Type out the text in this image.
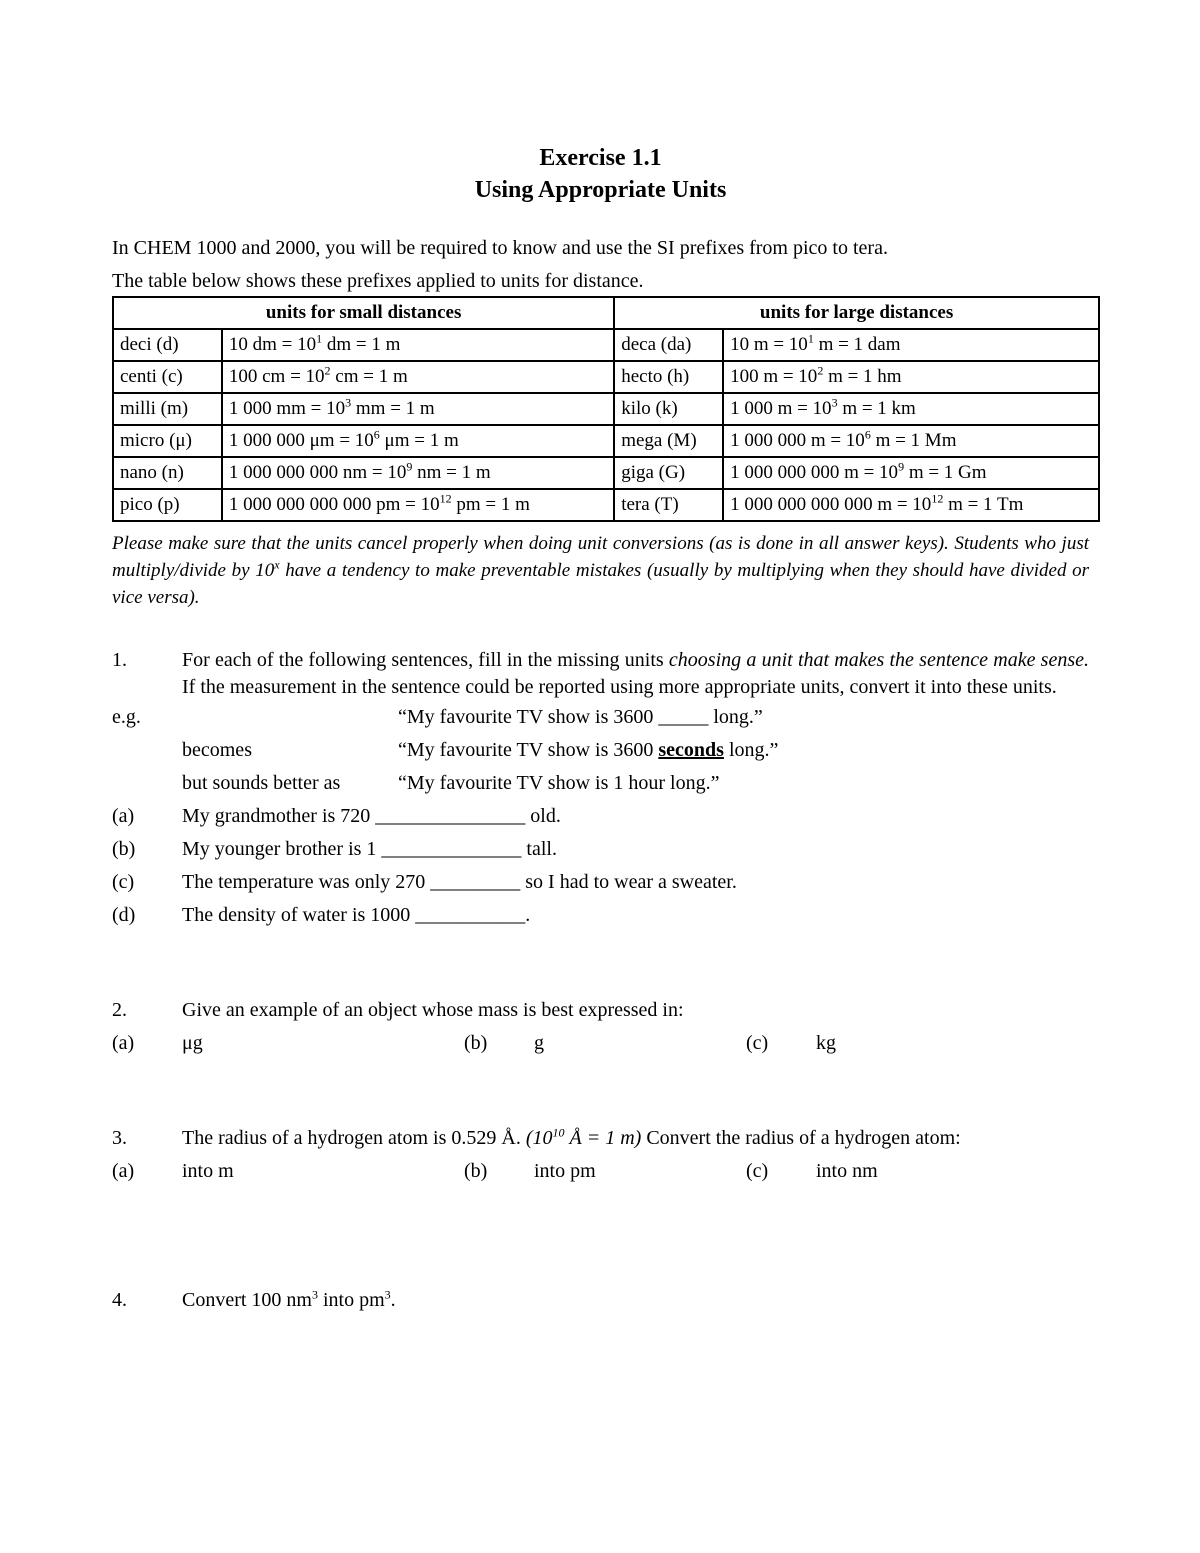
Exercise 1.1
Using Appropriate Units
In CHEM 1000 and 2000, you will be required to know and use the SI prefixes from pico to tera.
The table below shows these prefixes applied to units for distance.
units for small distances		units for large distances	
deci (d)	10 dm = $10^1$ dm = 1 m	deca (da)	10 $m = 10^1$ m = 1 dam
centi (c)	100 cm = $10^2$ cm = 1 m	hecto (h)	100 $m = 10^2$ m = 1 hm
milli (m)	1 000 mm = $10^3$ mm = 1 m	kilo (k)	1 000 $m = 10^3$ m = 1 km
micro (μ)	1 000 000 $\mu m = 10^6$ μm = 1 m	mega (M)	1 000 000 $m = 10^6$ m = 1 Mm
nano (n)	1 000 000 000 nm = $10^9$ nm = 1 m	giga (G)	1 000 000 000 $m = 10^9$ m = 1 Gm
pico (p)	1 000 000 000 000 pm = $10^{12}$ pm = 1 m	tera (T)	1 000 000 000 000 $m = 10^{12}$ m = 1 Tm
Please make sure that the units cancel properly when doing unit conversions (as is done in all answer keys). Students who just multiply/divide by 10$^x$ have a tendency to make preventable mistakes (usually by multiplying when they should have divided or vice versa).
1.	For each of the following sentences, fill in the missing units choosing a unit that makes the sentence make sense. If the measurement in the sentence could be reported using more appropriate units, convert it into these units.
e.g.	“My favourite TV show is 3600 _____ long.”
becomes	“My favourite TV show is 3600 seconds long.”
but sounds better as	“My favourite TV show is 1 hour long.”
(a)	My grandmother is 720 _______________ old.
(b)	My younger brother is 1 ______________ tall.
(c)	The temperature was only 270 _________ so I had to wear a sweater.
(d)	The density of water is 1000 ___________.
2.	Give an example of an object whose mass is best expressed in:
(a)	μg	(b)	g	(c)	kg
3.	The radius of a hydrogen atom is 0.529 Å. ($10^{10}$ Å = 1 m) Convert the radius of a hydrogen atom:
(a)	into m	(b)	into pm	(c)	into nm
4.	Convert 100 $nm^3$ into $pm^3$.
